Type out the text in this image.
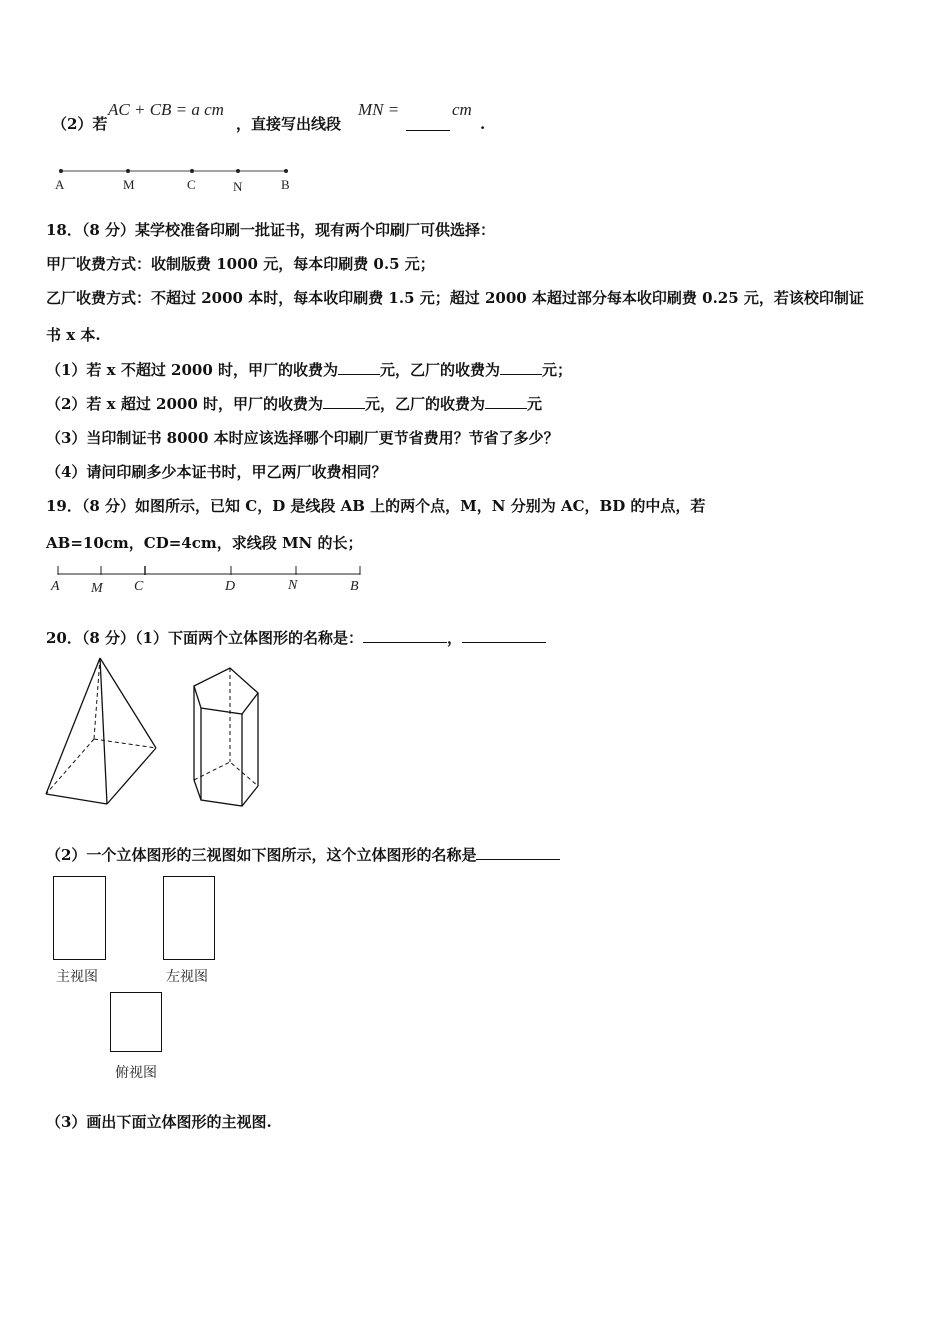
（2）若
AC + CB = a cm
，直接写出线段
MN =	cm
.
A	M	C	N	B
18．（8 分）某学校准备印刷一批证书，现有两个印刷厂可供选择：
甲厂收费方式：收制版费 1000 元，每本印刷费 0.5 元；
乙厂收费方式：不超过 2000 本时，每本收印刷费 1.5 元；超过 2000 本超过部分每本收印刷费 0.25 元，若该校印制证
书 x 本.
（1）若 x 不超过 2000 时，甲厂的收费为	元，乙厂的收费为	元；
（2）若 x 超过 2000 时，甲厂的收费为	元，乙厂的收费为	元
（3）当印制证书 8000 本时应该选择哪个印刷厂更节省费用？节省了多少？
（4）请问印刷多少本证书时，甲乙两厂收费相同？
19．（8 分）如图所示，已知 C，D 是线段 AB 上的两个点，M，N 分别为 AC，BD 的中点，若
AB=10cm，CD=4cm，求线段 MN 的长；
A M C	D	N	B
20．（8 分）（1）下面两个立体图形的名称是：	，
（2）一个立体图形的三视图如下图所示，这个立体图形的名称是
主视图	左视图
俯视图
（3）画出下面立体图形的主视图.
